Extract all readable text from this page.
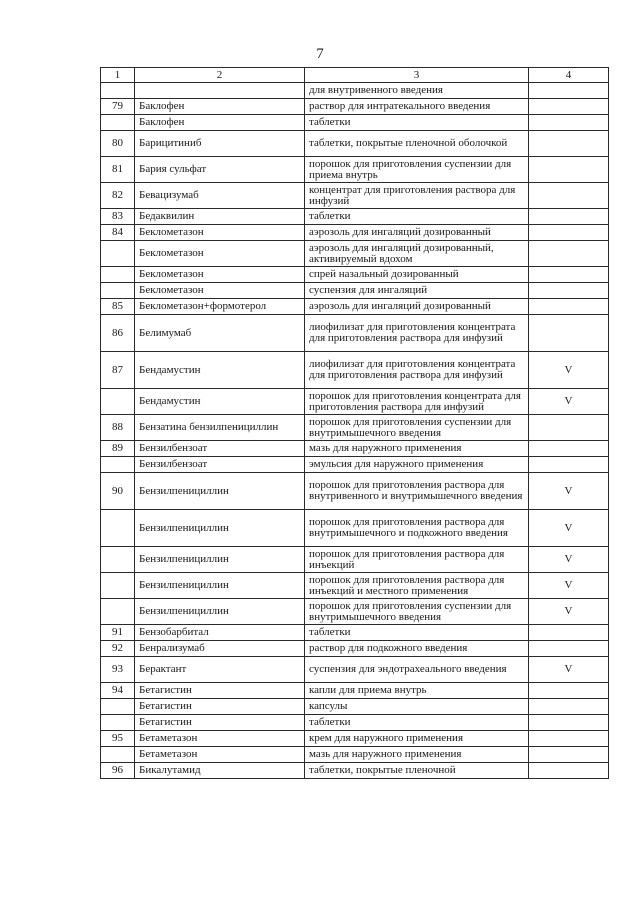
7
1	2	3	4
		для внутривенного введения	
79	Баклофен	раствор для интратекального введения	
	Баклофен	таблетки	
80	Барицитиниб	таблетки, покрытые пленочной оболочкой	
81	Бария сульфат	порошок для приготовления суспензии для приема внутрь	
82	Бевацизумаб	концентрат для приготовления раствора для инфузий	
83	Бедаквилин	таблетки	
84	Беклометазон	аэрозоль для ингаляций дозированный	
	Беклометазон	аэрозоль для ингаляций дозированный, активируемый вдохом	
	Беклометазон	спрей назальный дозированный	
	Беклометазон	суспензия для ингаляций	
85	Беклометазон+формотерол	аэрозоль для ингаляций дозированный	
86	Белимумаб	лиофилизат для приготовления концентрата для приготовления раствора для инфузий	
87	Бендамустин	лиофилизат для приготовления концентрата для приготовления раствора для инфузий	V
	Бендамустин	порошок для приготовления концентрата для приготовления раствора для инфузий	V
88	Бензатина бензилпенициллин	порошок для приготовления суспензии для внутримышечного введения	
89	Бензилбензоат	мазь для наружного применения	
	Бензилбензоат	эмульсия для наружного применения	
90	Бензилпенициллин	порошок для приготовления раствора для внутривенного и внутримышечного введения	V
	Бензилпенициллин	порошок для приготовления раствора для внутримышечного и подкожного введения	V
	Бензилпенициллин	порошок для приготовления раствора для инъекций	V
	Бензилпенициллин	порошок для приготовления раствора для инъекций и местного применения	V
	Бензилпенициллин	порошок для приготовления суспензии для внутримышечного введения	V
91	Бензобарбитал	таблетки	
92	Бенрализумаб	раствор для подкожного введения	
93	Берактант	суспензия для эндотрахеального введения	V
94	Бетагистин	капли для приема внутрь	
	Бетагистин	капсулы	
	Бетагистин	таблетки	
95	Бетаметазон	крем для наружного применения	
	Бетаметазон	мазь для наружного применения	
96	Бикалутамид	таблетки, покрытые пленочной	
